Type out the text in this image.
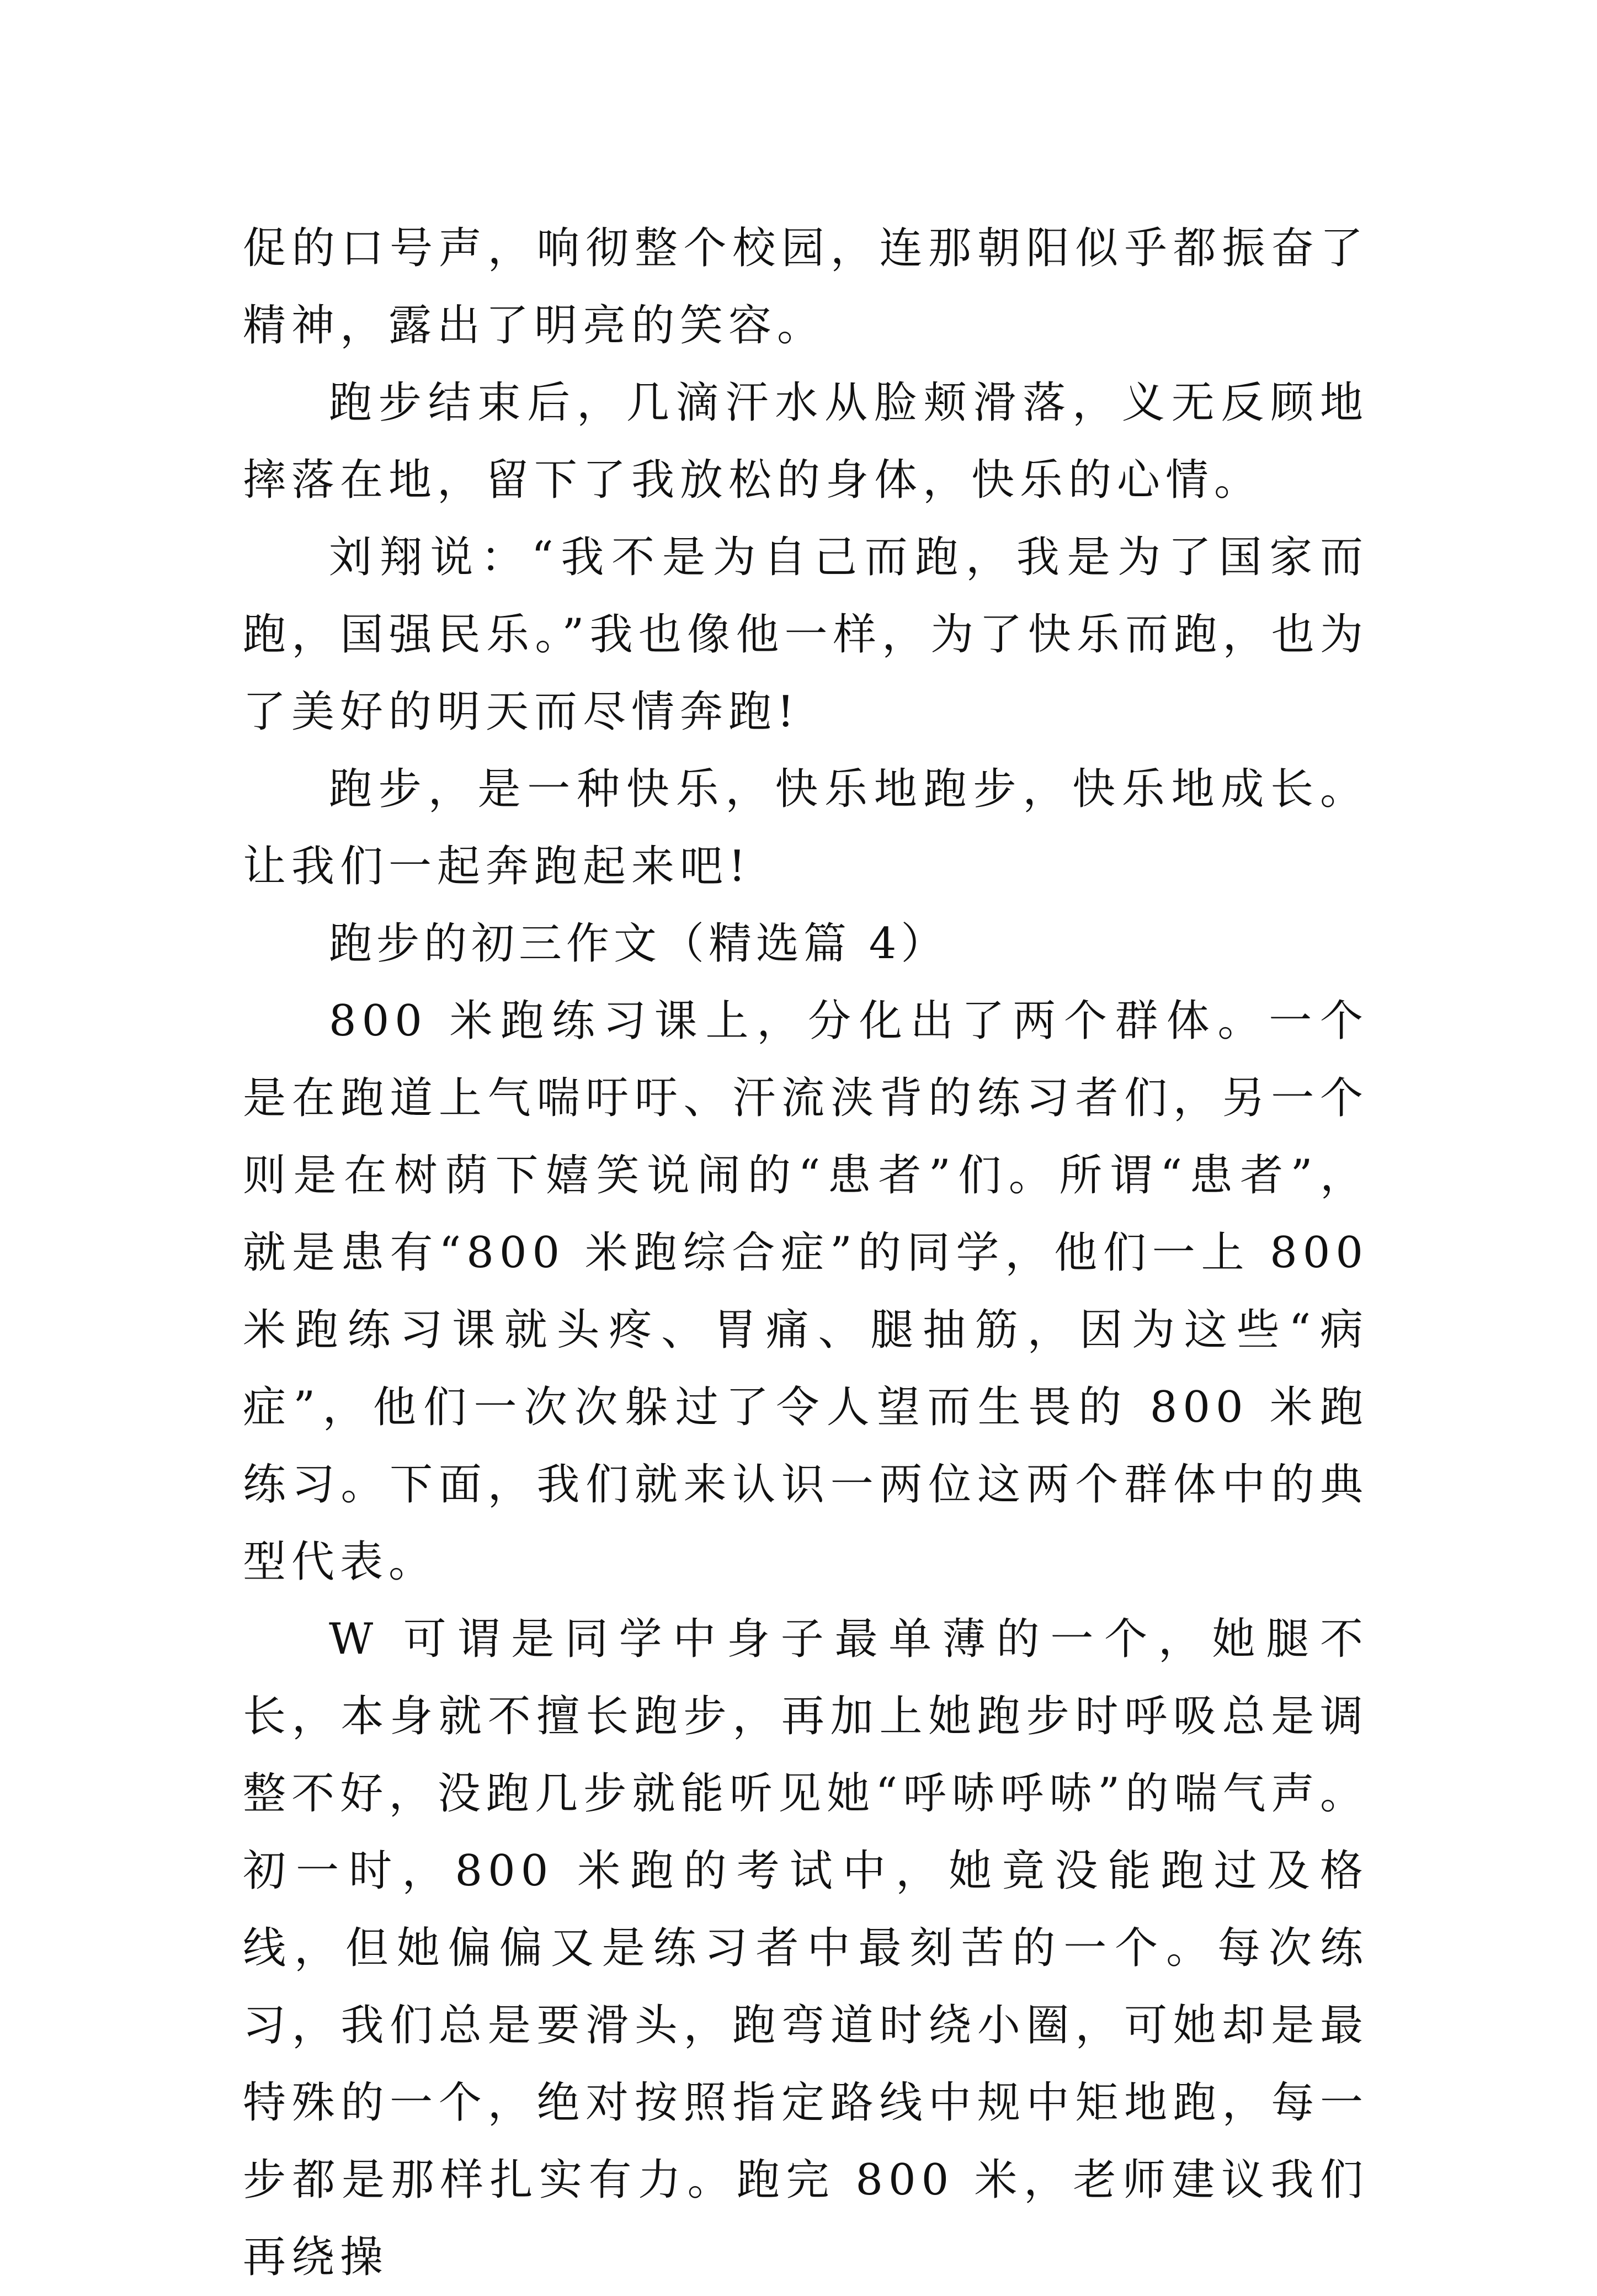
促的口号声，响彻整个校园，连那朝阳似乎都振奋了精神，露出了明亮的笑容。

跑步结束后，几滴汗水从脸颊滑落，义无反顾地摔落在地，留下了我放松的身体，快乐的心情。

刘翔说：“我不是为自己而跑，我是为了国家而跑，国强民乐。”我也像他一样，为了快乐而跑，也为了美好的明天而尽情奔跑!

跑步，是一种快乐，快乐地跑步，快乐地成长。让我们一起奔跑起来吧!

跑步的初三作文（精选篇 4）

800 米跑练习课上，分化出了两个群体。一个是在跑道上气喘吁吁、汗流浃背的练习者们，另一个则是在树荫下嬉笑说闹的“患者”们。所谓“患者”，就是患有“800 米跑综合症”的同学，他们一上 800 米跑练习课就头疼、胃痛、腿抽筋，因为这些“病症”，他们一次次躲过了令人望而生畏的 800 米跑练习。下面，我们就来认识一两位这两个群体中的典型代表。

W 可谓是同学中身子最单薄的一个，她腿不长，本身就不擅长跑步，再加上她跑步时呼吸总是调整不好，没跑几步就能听见她“呼哧呼哧”的喘气声。初一时，800 米跑的考试中，她竟没能跑过及格线，但她偏偏又是练习者中最刻苦的一个。每次练习，我们总是要滑头，跑弯道时绕小圈，可她却是最特殊的一个，绝对按照指定路线中规中矩地跑，每一步都是那样扎实有力。跑完 800 米，老师建议我们再绕操
